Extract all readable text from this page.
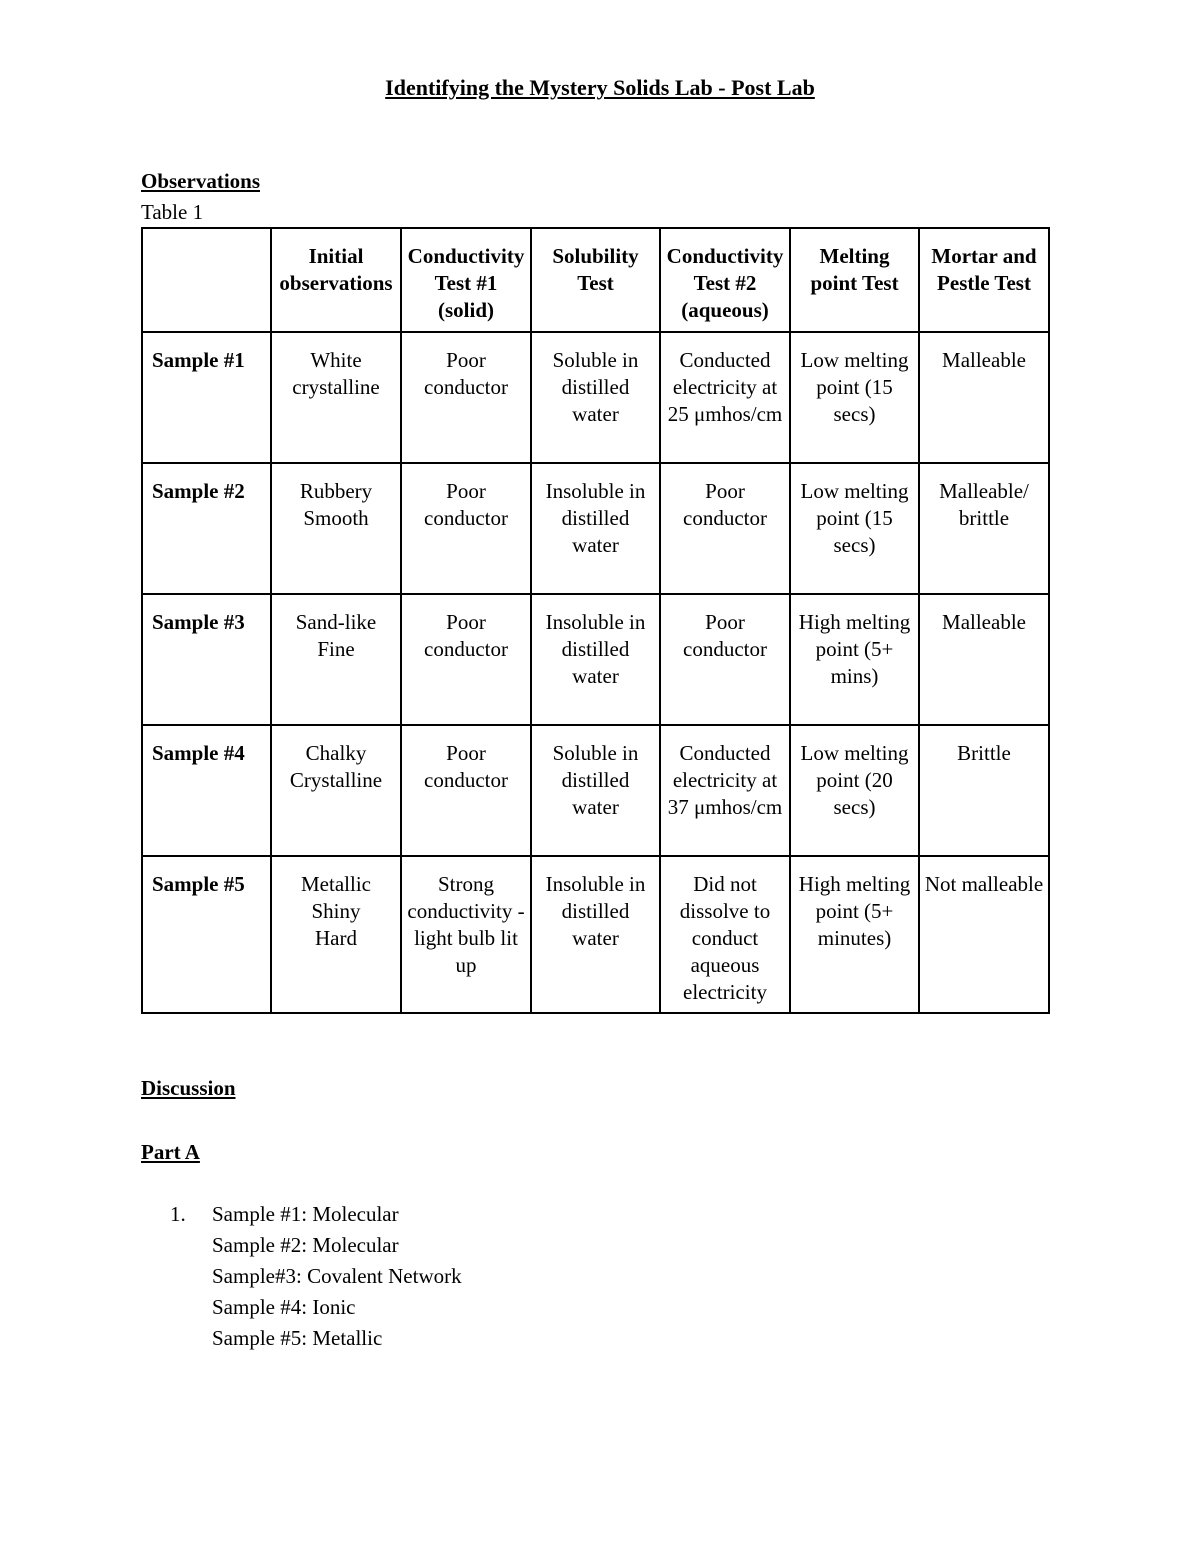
Identifying the Mystery Solids Lab - Post Lab
Observations
Table 1

	Initial observations	Conductivity Test #1 (solid)	Solubility Test	Conductivity Test #2 (aqueous)	Melting point Test	Mortar and Pestle Test

Sample #1	White crystalline	Poor conductor	Soluble in distilled water	Conducted electricity at 25 μmhos/cm	Low melting point (15 secs)	Malleable

Sample #2	Rubbery
Smooth	Poor conductor	Insoluble in distilled water	Poor conductor	Low melting point (15 secs)	Malleable/ brittle

Sample #3	Sand-like
Fine	Poor conductor	Insoluble in distilled water	Poor conductor	High melting point (5+ mins)	Malleable

Sample #4	Chalky
Crystalline	Poor conductor	Soluble in distilled water	Conducted electricity at 37 μmhos/cm	Low melting point (20 secs)	Brittle

Sample #5	Metallic
Shiny
Hard	Strong conductivity - light bulb lit up	Insoluble in distilled water	Did not dissolve to conduct aqueous electricity	High melting point (5+ minutes)	Not malleable
Discussion
Part A
1.	Sample #1: Molecular
Sample #2: Molecular
Sample#3: Covalent Network
Sample #4: Ionic
Sample #5: Metallic
